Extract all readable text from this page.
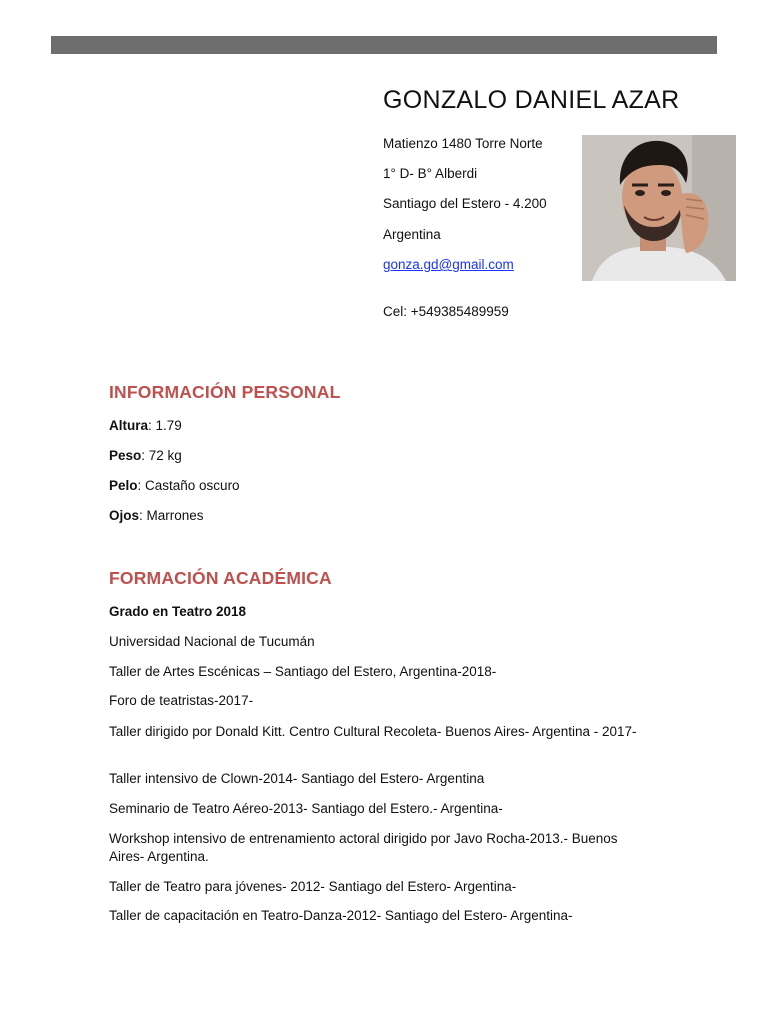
GONZALO DANIEL AZAR
Matienzo 1480 Torre Norte
1° D- B° Alberdi
Santiago del Estero - 4.200
Argentina
gonza.gd@gmail.com
Cel: +549385489959
INFORMACIÓN PERSONAL
Altura: 1.79
Peso: 72 kg
Pelo: Castaño oscuro
Ojos: Marrones
FORMACIÓN ACADÉMICA
Grado en Teatro 2018
Universidad Nacional de Tucumán
Taller de Artes Escénicas – Santiago del Estero, Argentina-2018-
Foro de teatristas-2017-
Taller dirigido por Donald Kitt. Centro Cultural Recoleta- Buenos Aires- Argentina - 2017-
Taller intensivo de Clown-2014- Santiago del Estero- Argentina
Seminario de Teatro Aéreo-2013- Santiago del Estero.- Argentina-
Workshop intensivo de entrenamiento actoral dirigido por Javo Rocha-2013.- Buenos Aires- Argentina.
Taller de Teatro para jóvenes- 2012- Santiago del Estero- Argentina-
Taller de capacitación en Teatro-Danza-2012- Santiago del Estero- Argentina-
